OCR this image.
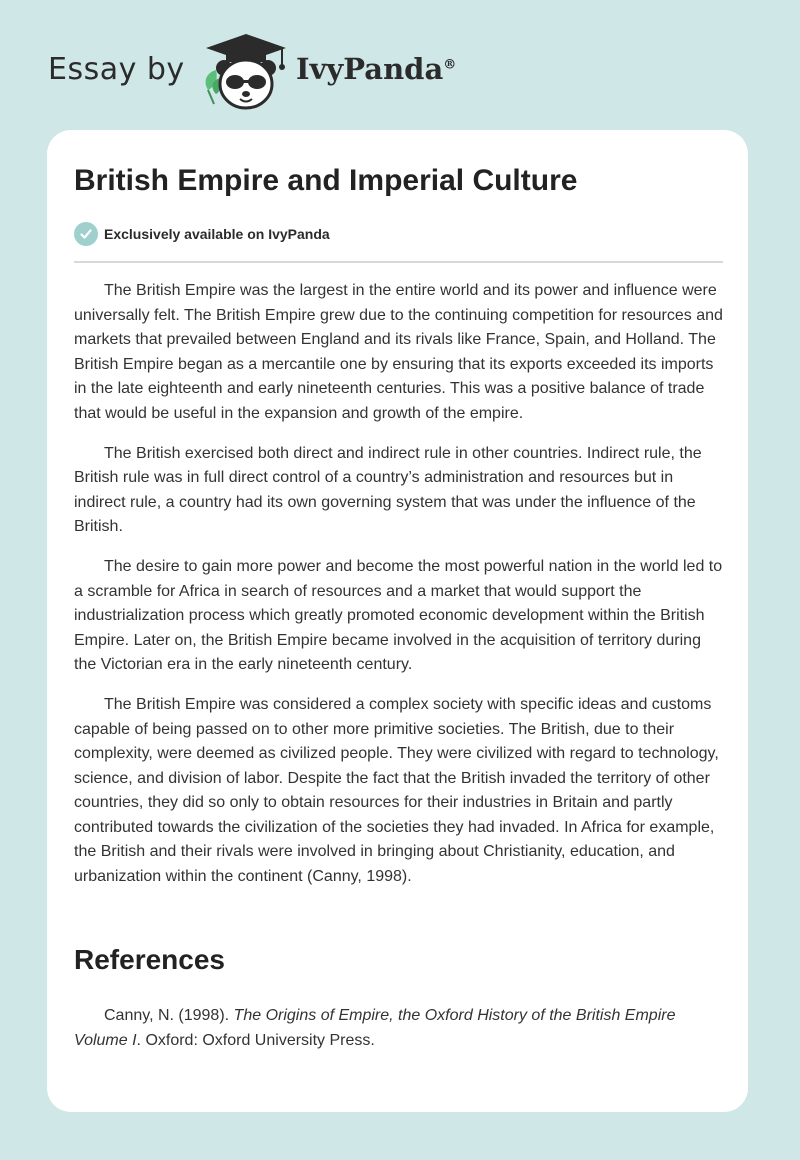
Essay by	IvyPanda®
British Empire and Imperial Culture
Exclusively available on IvyPanda

The British Empire was the largest in the entire world and its power and influence were universally felt. The British Empire grew due to the continuing competition for resources and markets that prevailed between England and its rivals like France, Spain, and Holland. The British Empire began as a mercantile one by ensuring that its exports exceeded its imports in the late eighteenth and early nineteenth centuries. This was a positive balance of trade that would be useful in the expansion and growth of the empire.

The British exercised both direct and indirect rule in other countries. Indirect rule, the British rule was in full direct control of a country’s administration and resources but in indirect rule, a country had its own governing system that was under the influence of the British.

The desire to gain more power and become the most powerful nation in the world led to a scramble for Africa in search of resources and a market that would support the industrialization process which greatly promoted economic development within the British Empire. Later on, the British Empire became involved in the acquisition of territory during the Victorian era in the early nineteenth century.

The British Empire was considered a complex society with specific ideas and customs capable of being passed on to other more primitive societies. The British, due to their complexity, were deemed as civilized people. They were civilized with regard to technology, science, and division of labor. Despite the fact that the British invaded the territory of other countries, they did so only to obtain resources for their industries in Britain and partly contributed towards the civilization of the societies they had invaded. In Africa for example, the British and their rivals were involved in bringing about Christianity, education, and urbanization within the continent (Canny, 1998).

References

Canny, N. (1998). The Origins of Empire, the Oxford History of the British Empire Volume I. Oxford: Oxford University Press.
